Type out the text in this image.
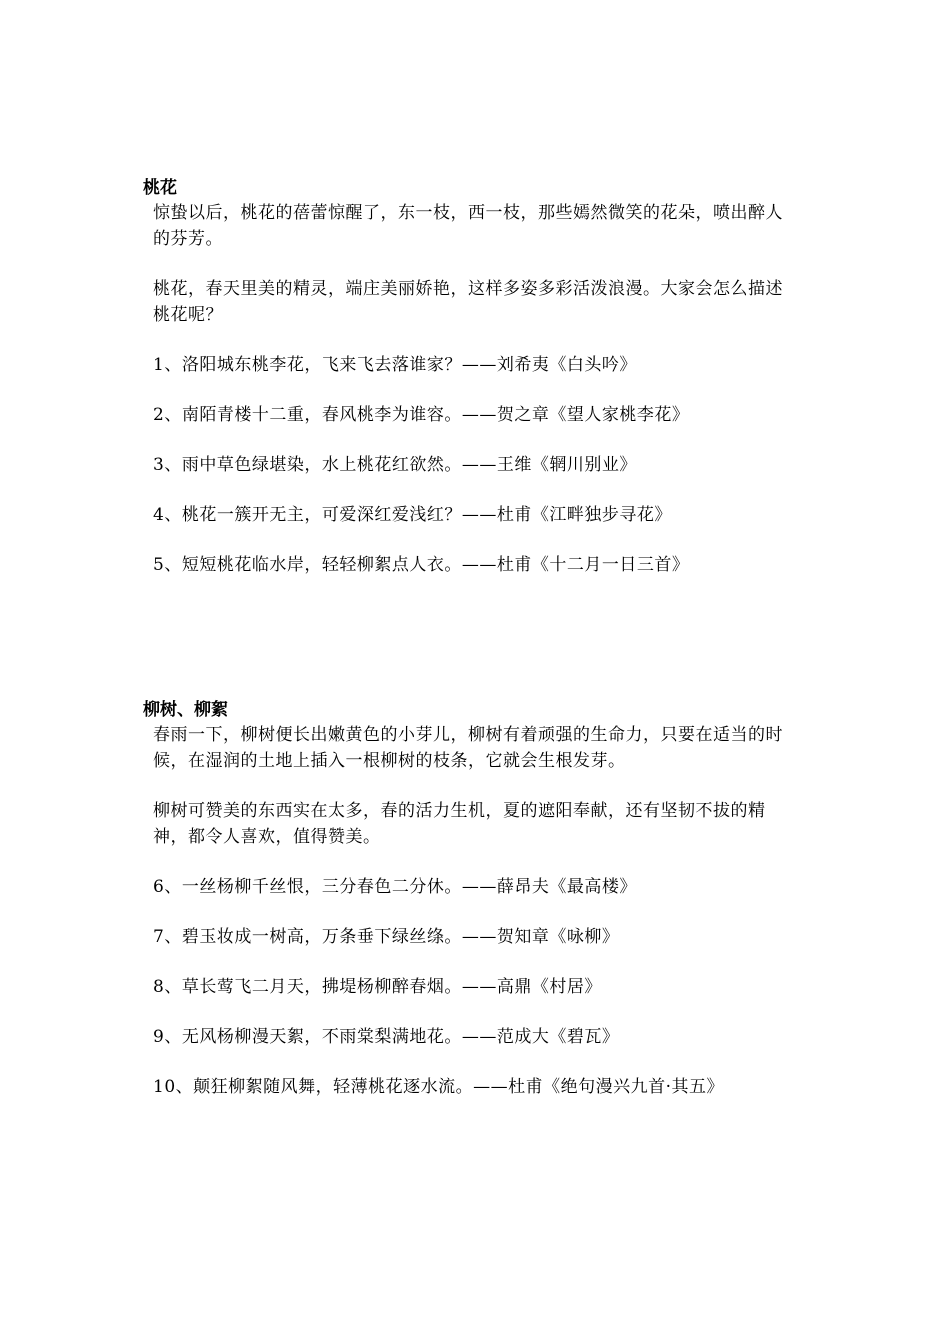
桃花

惊蛰以后，桃花的蓓蕾惊醒了，东一枝，西一枝，那些嫣然微笑的花朵，喷出醉人的芬芳。

桃花，春天里美的精灵，端庄美丽娇艳，这样多姿多彩活泼浪漫。大家会怎么描述桃花呢？

1、洛阳城东桃李花，飞来飞去落谁家？——刘希夷《白头吟》
2、南陌青楼十二重，春风桃李为谁容。——贺之章《望人家桃李花》
3、雨中草色绿堪染，水上桃花红欲然。——王维《辋川别业》
4、桃花一簇开无主，可爱深红爱浅红？——杜甫《江畔独步寻花》
5、短短桃花临水岸，轻轻柳絮点人衣。——杜甫《十二月一日三首》
柳树、柳絮

春雨一下，柳树便长出嫩黄色的小芽儿，柳树有着顽强的生命力，只要在适当的时候，在湿润的土地上插入一根柳树的枝条，它就会生根发芽。

柳树可赞美的东西实在太多，春的活力生机，夏的遮阳奉献，还有坚韧不拔的精神，都令人喜欢，值得赞美。

6、一丝杨柳千丝恨，三分春色二分休。——薛昂夫《最高楼》
7、碧玉妆成一树高，万条垂下绿丝绦。——贺知章《咏柳》
8、草长莺飞二月天，拂堤杨柳醉春烟。——高鼎《村居》
9、无风杨柳漫天絮，不雨棠梨满地花。——范成大《碧瓦》
10、颠狂柳絮随风舞，轻薄桃花逐水流。——杜甫《绝句漫兴九首·其五》
